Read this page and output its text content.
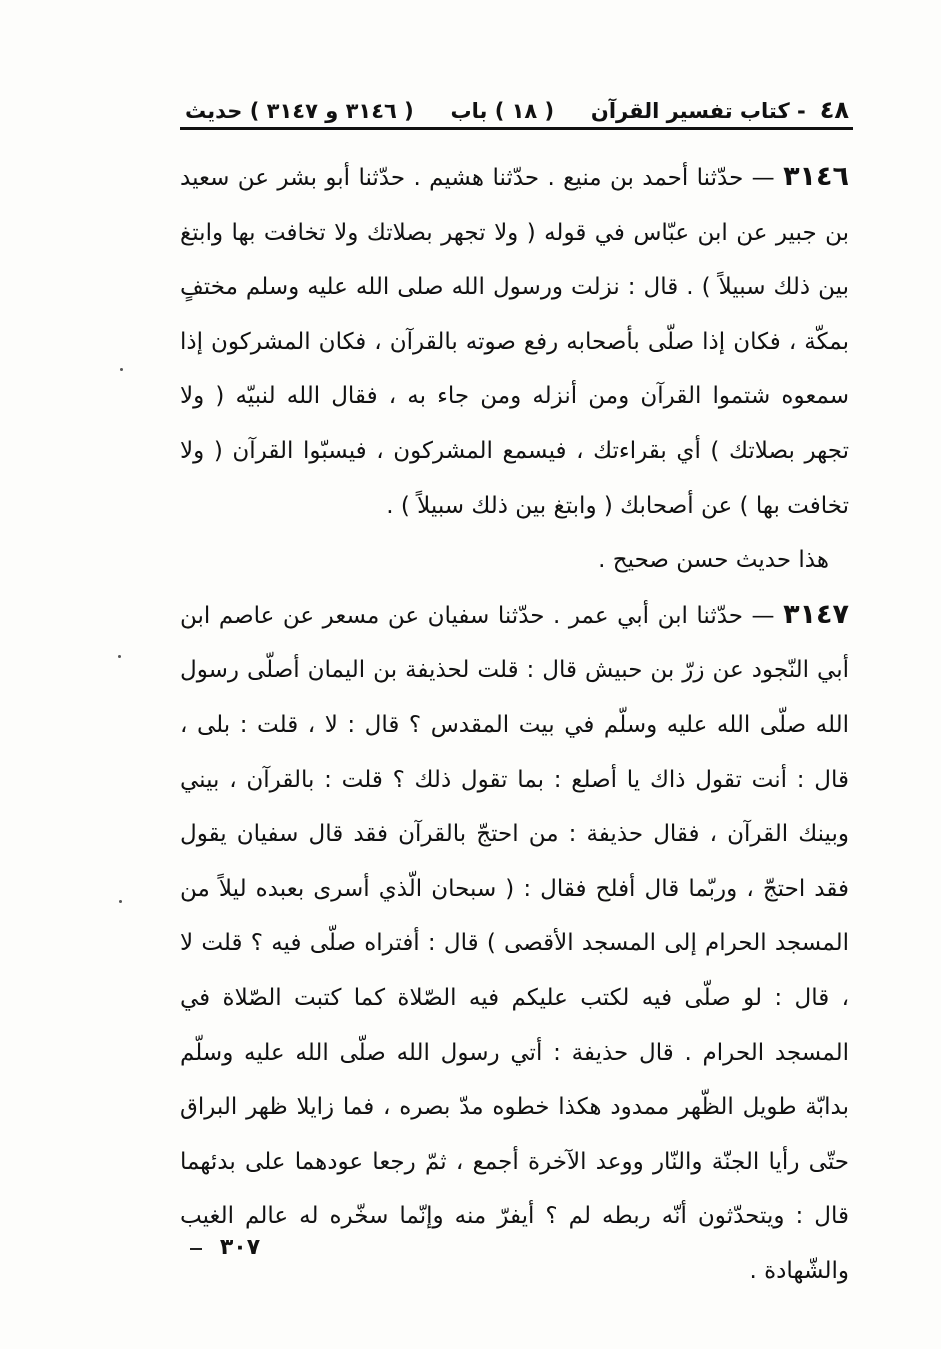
٤٨
- كتاب تفسير القرآن
( ١٨ ) باب
( ٣١٤٦ و ٣١٤٧ ) حديث

٣١٤٦ — حدّثنا أحمد بن منيع . حدّثنا هشيم . حدّثنا أبو بشر عن سعيد بن جبير عن ابن عبّاس في قوله ( ولا تجهر بصلاتك ولا تخافت بها وابتغ بين ذلك سبيلاً ) . قال : نزلت ورسول الله صلى الله عليه وسلم مختفٍ بمكّة ، فكان إذا صلّى بأصحابه رفع صوته بالقرآن ، فكان المشركون إذا سمعوه شتموا القرآن ومن أنزله ومن جاء به ، فقال الله لنبيّه ( ولا تجهر بصلاتك ) أي بقراءتك ، فيسمع المشركون ، فيسبّوا القرآن ( ولا تخافت بها ) عن أصحابك ( وابتغ بين ذلك سبيلاً ) .

هذا حديث حسن صحيح .

٣١٤٧ — حدّثنا ابن أبي عمر . حدّثنا سفيان عن مسعر عن عاصم ابن أبي النّجود عن زرّ بن حبيش قال : قلت لحذيفة بن اليمان أصلّى رسول الله صلّى الله عليه وسلّم في بيت المقدس ؟ قال : لا ، قلت : بلى ، قال : أنت تقول ذاك يا أصلع : بما تقول ذلك ؟ قلت : بالقرآن ، بيني وبينك القرآن ، فقال حذيفة : من احتجّ بالقرآن فقد قال سفيان يقول فقد احتجّ ، وربّما قال أفلح فقال : ( سبحان الّذي أسرى بعبده ليلاً من المسجد الحرام إلى المسجد الأقصى ) قال : أفتراه صلّى فيه ؟ قلت لا ، قال : لو صلّى فيه لكتب عليكم فيه الصّلاة كما كتبت الصّلاة في المسجد الحرام . قال حذيفة : أتي رسول الله صلّى الله عليه وسلّم بدابّة طويل الظّهر ممدود هكذا خطوه مدّ بصره ، فما زايلا ظهر البراق حتّى رأيا الجنّة والنّار ووعد الآخرة أجمع ، ثمّ رجعا عودهما على بدئهما قال : ويتحدّثون أنّه ربطه لم ؟ أيفرّ منه وإنّما سخّره له عالم الغيب والشّهادة .

٣٠٧
